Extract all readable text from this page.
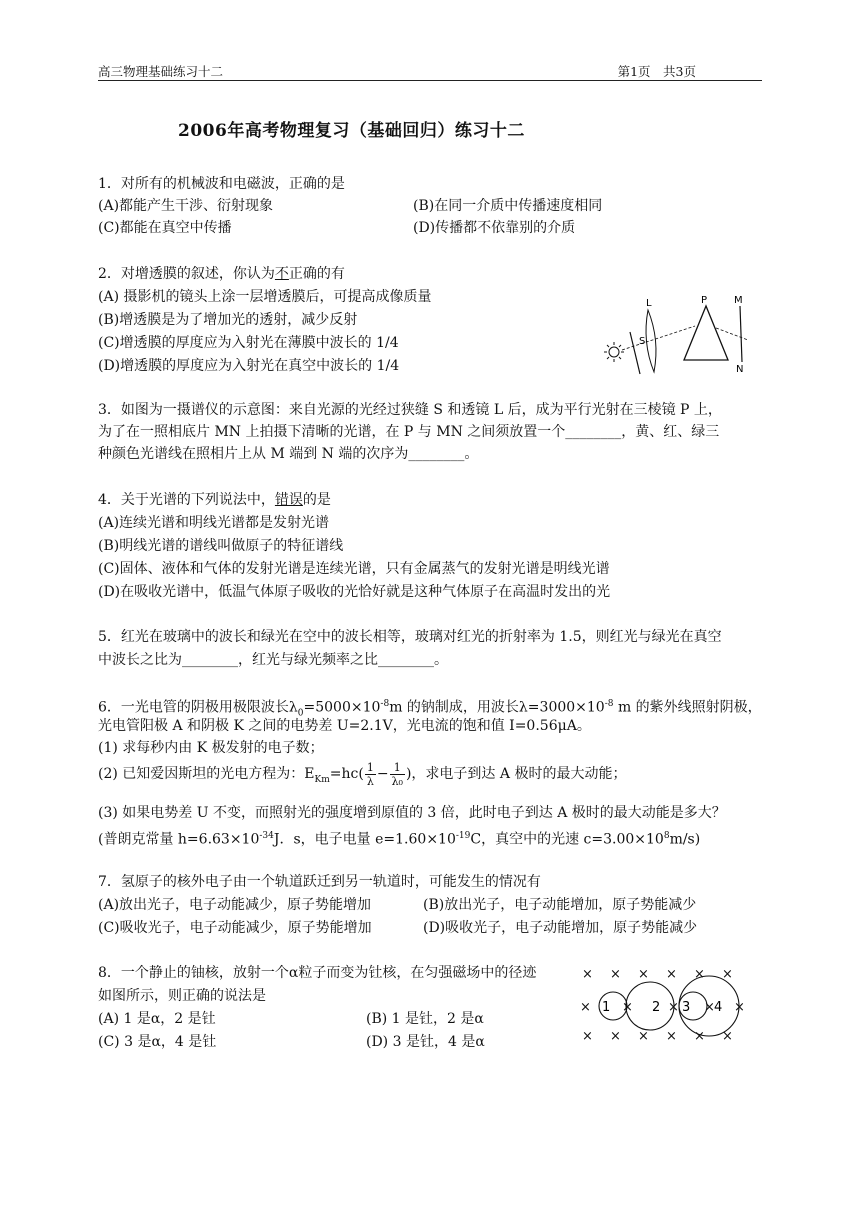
高三物理基础练习十二	第1页　共3页
2006年高考物理复习（基础回归）练习十二
1．对所有的机械波和电磁波，正确的是
(A)都能产生干涉、衍射现象	(B)在同一介质中传播速度相同
(C)都能在真空中传播	(D)传播都不依靠别的介质
2．对增透膜的叙述，你认为不正确的有
(A) 摄影机的镜头上涂一层增透膜后，可提高成像质量
(B)增透膜是为了增加光的透射，减少反射
(C)增透膜的厚度应为入射光在薄膜中波长的 1/4
(D)增透膜的厚度应为入射光在真空中波长的 1/4
L	P	M
S
N
3．如图为一摄谱仪的示意图：来自光源的光经过狭缝 S 和透镜 L 后，成为平行光射在三棱镜 P 上，
为了在一照相底片 MN 上拍摄下清晰的光谱，在 P 与 MN 之间须放置一个________，黄、红、绿三
种颜色光谱线在照相片上从 M 端到 N 端的次序为________。
4．关于光谱的下列说法中，错误的是
(A)连续光谱和明线光谱都是发射光谱
(B)明线光谱的谱线叫做原子的特征谱线
(C)固体、液体和气体的发射光谱是连续光谱，只有金属蒸气的发射光谱是明线光谱
(D)在吸收光谱中，低温气体原子吸收的光恰好就是这种气体原子在高温时发出的光
5．红光在玻璃中的波长和绿光在空中的波长相等，玻璃对红光的折射率为 1.5，则红光与绿光在真空
中波长之比为________，红光与绿光频率之比________。
6．一光电管的阴极用极限波长$\lambda_0=5000\times 10^{-8}m$ 的钠制成，用波长$\lambda=3000\times 10^{-8}$ m 的紫外线照射阴极，
光电管阳极 A 和阴极 K 之间的电势差 U=2.1V，光电流的饱和值 I=0.56μA。
(1) 求每秒内由 K 极发射的电子数；
(2) 已知爱因斯坦的光电方程为：$E_{Km}=hc( \frac{1}{\lambda} - \frac{1}{\text{λ₀}}$ )，求电子到达 A 极时的最大动能；
(3) 如果电势差 U 不变，而照射光的强度增到原值的 3 倍，此时电子到达 A 极时的最大动能是多大？
(普朗克常量 $h=6.63\times 10^{-34}J$．s，电子电量 $e=1.60\times 10^{-19}C$，真空中的光速 $c=3.00\times 10^8m/s$)
7．氢原子的核外电子由一个轨道跃迁到另一轨道时，可能发生的情况有
(A)放出光子，电子动能减少，原子势能增加	(B)放出光子，电子动能增加，原子势能减少
(C)吸收光子，电子动能减少，原子势能增加	(D)吸收光子，电子动能增加，原子势能减少
8．一个静止的铀核，放射一个α粒子而变为钍核，在匀强磁场中的径迹
如图所示，则正确的说法是
(A) 1 是α，2 是钍	(B) 1 是钍，2 是α
(C) 3 是α，4 是钍	(D) 3 是钍，4 是α
× × × × × ×
× × × × × ×
× ×	× × ×
1	2 3 4
